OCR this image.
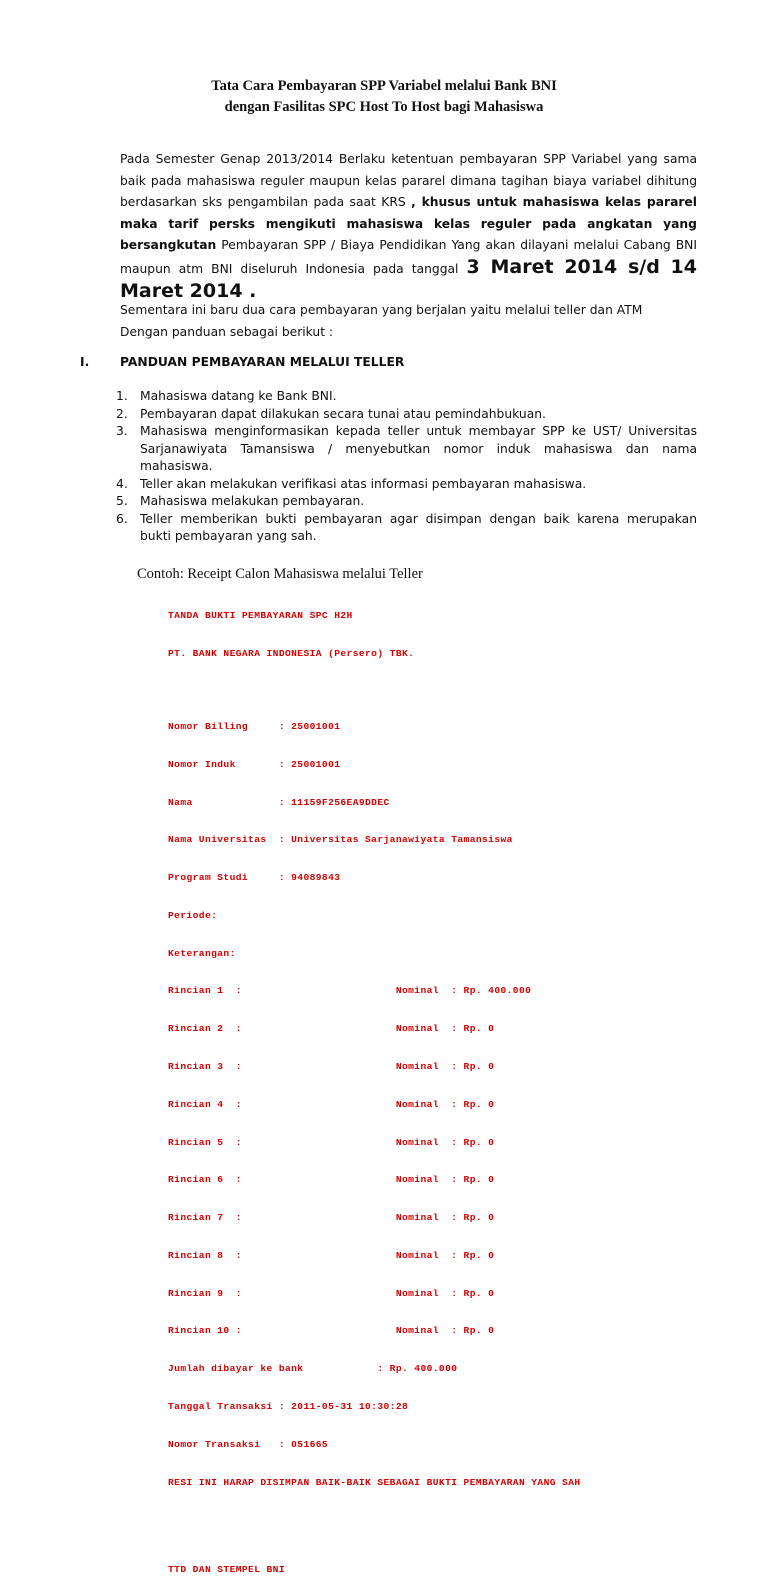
Tata Cara Pembayaran SPP Variabel melalui Bank BNI
dengan Fasilitas SPC Host To Host bagi Mahasiswa
Pada Semester Genap 2013/2014 Berlaku ketentuan pembayaran SPP Variabel yang sama baik pada mahasiswa reguler maupun kelas pararel dimana tagihan biaya variabel dihitung berdasarkan sks pengambilan pada saat KRS , khusus untuk mahasiswa kelas pararel maka tarif persks mengikuti mahasiswa kelas reguler pada angkatan yang bersangkutan Pembayaran SPP / Biaya Pendidikan Yang akan dilayani melalui Cabang BNI maupun atm BNI diseluruh Indonesia pada tanggal 3 Maret 2014 s/d 14 Maret 2014 .
Sementara ini baru dua cara pembayaran yang berjalan yaitu melalui teller dan ATM
Dengan panduan sebagai berikut :
I.	PANDUAN PEMBAYARAN MELALUI TELLER
1. Mahasiswa datang ke Bank BNI.
2. Pembayaran dapat dilakukan secara tunai atau pemindahbukuan.
3. Mahasiswa menginformasikan kepada teller untuk membayar SPP ke UST/ Universitas Sarjanawiyata Tamansiswa / menyebutkan nomor induk mahasiswa dan nama mahasiswa.
4. Teller akan melakukan verifikasi atas informasi pembayaran mahasiswa.
5. Mahasiswa melakukan pembayaran.
6. Teller memberikan bukti pembayaran agar disimpan dengan baik karena merupakan bukti pembayaran yang sah.
Contoh: Receipt Calon Mahasiswa melalui Teller

TANDA BUKTI PEMBAYARAN SPC H2H

PT. BANK NEGARA INDONESIA (Persero) TBK.

Nomor Billing     : 25001001

Nomor Induk       : 25001001

Nama              : 11159F256EA9DDEC

Nama Universitas  : Universitas Sarjanawiyata Tamansiswa

Program Studi     : 94089843

Periode:

Keterangan:

Rincian 1  :                         Nominal  : Rp. 400.000

Rincian 2  :                         Nominal  : Rp. 0

Rincian 3  :                         Nominal  : Rp. 0

Rincian 4  :                         Nominal  : Rp. 0

Rincian 5  :                         Nominal  : Rp. 0

Rincian 6  :                         Nominal  : Rp. 0

Rincian 7  :                         Nominal  : Rp. 0

Rincian 8  :                         Nominal  : Rp. 0

Rincian 9  :                         Nominal  : Rp. 0

Rincian 10 :                         Nominal  : Rp. 0

Jumlah dibayar ke bank            : Rp. 400.000

Tanggal Transaksi : 2011-05-31 10:30:28

Nomor Transaksi   : 051665

RESI INI HARAP DISIMPAN BAIK-BAIK SEBAGAI BUKTI PEMBAYARAN YANG SAH

TTD DAN STEMPEL BNI
